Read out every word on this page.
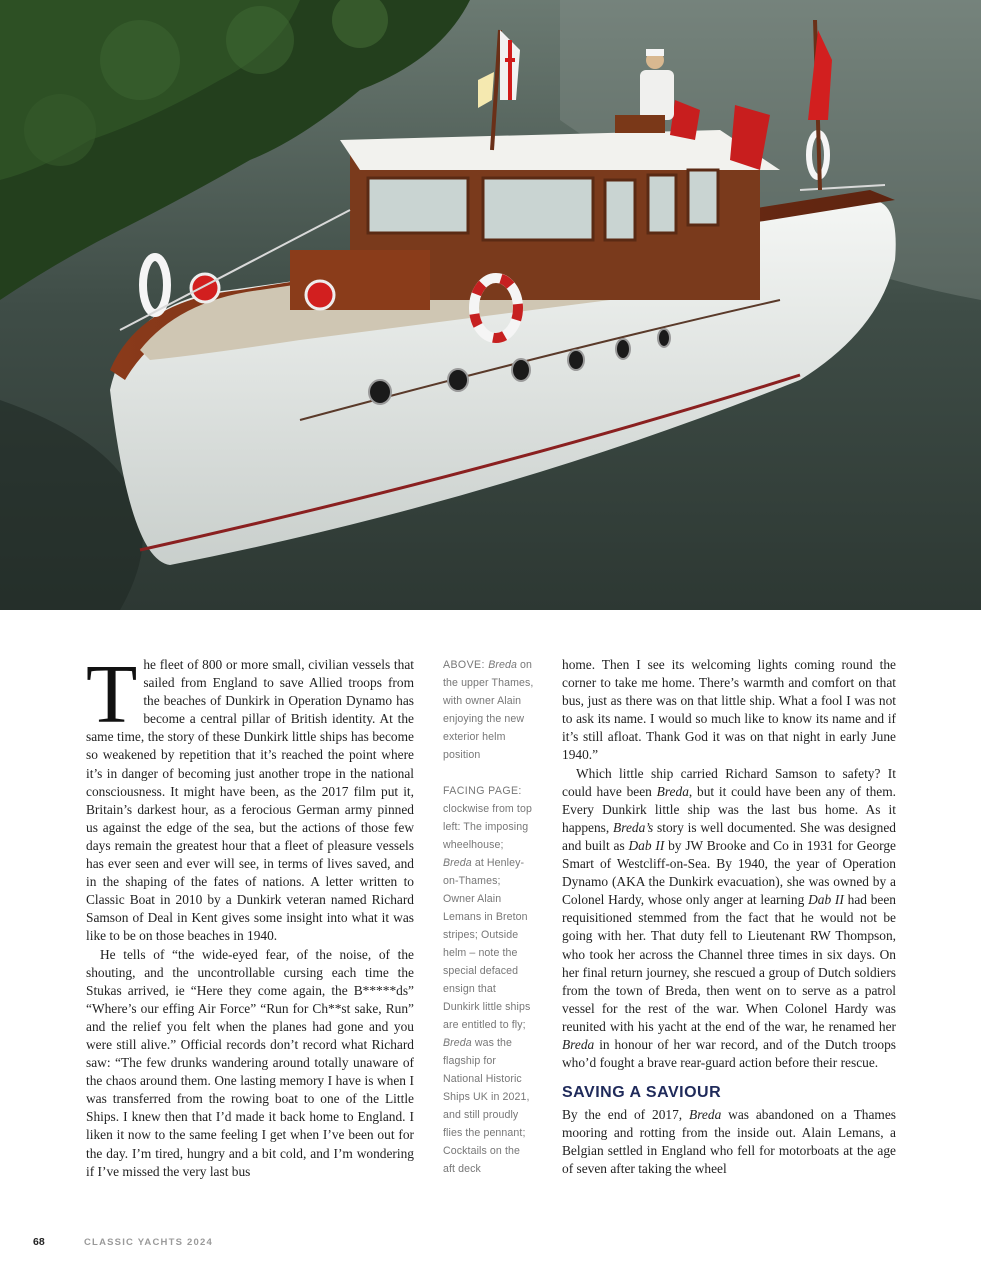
The fleet of 800 or more small, civilian vessels that sailed from England to save Allied troops from the beaches of Dunkirk in Operation Dynamo has become a central pillar of British identity. At the same time, the story of these Dunkirk little ships has become so weakened by repetition that it’s reached the point where it’s in danger of becoming just another trope in the national consciousness. It might have been, as the 2017 film put it, Britain’s darkest hour, as a ferocious German army pinned us against the edge of the sea, but the actions of those few days remain the greatest hour that a fleet of pleasure vessels has ever seen and ever will see, in terms of lives saved, and in the shaping of the fates of nations. A letter written to Classic Boat in 2010 by a Dunkirk veteran named Richard Samson of Deal in Kent gives some insight into what it was like to be on those beaches in 1940.

He tells of “the wide-eyed fear, of the noise, of the shouting, and the uncontrollable cursing each time the Stukas arrived, ie “Here they come again, the B*****ds” “Where’s our effing Air Force” “Run for Ch**st sake, Run” and the relief you felt when the planes had gone and you were still alive.” Official records don’t record what Richard saw: “The few drunks wandering around totally unaware of the chaos around them. One lasting memory I have is when I was transferred from the rowing boat to one of the Little Ships. I knew then that I’d made it back home to England. I liken it now to the same feeling I get when I’ve been out for the day. I’m tired, hungry and a bit cold, and I’m wondering if I’ve missed the very last bus

ABOVE: Breda on the upper Thames, with owner Alain enjoying the new exterior helm position

FACING PAGE: clockwise from top left: The imposing wheelhouse; Breda at Henley-on-Thames; Owner Alain Lemans in Breton stripes; Outside helm – note the special defaced ensign that Dunkirk little ships are entitled to fly; Breda was the flagship for National Historic Ships UK in 2021, and still proudly flies the pennant; Cocktails on the aft deck

home. Then I see its welcoming lights coming round the corner to take me home. There’s warmth and comfort on that bus, just as there was on that little ship. What a fool I was not to ask its name. I would so much like to know its name and if it’s still afloat. Thank God it was on that night in early June 1940.”

Which little ship carried Richard Samson to safety? It could have been Breda, but it could have been any of them. Every Dunkirk little ship was the last bus home. As it happens, Breda’s story is well documented. She was designed and built as Dab II by JW Brooke and Co in 1931 for George Smart of Westcliff-on-Sea. By 1940, the year of Operation Dynamo (AKA the Dunkirk evacuation), she was owned by a Colonel Hardy, whose only anger at learning Dab II had been requisitioned stemmed from the fact that he would not be going with her. That duty fell to Lieutenant RW Thompson, who took her across the Channel three times in six days. On her final return journey, she rescued a group of Dutch soldiers from the town of Breda, then went on to serve as a patrol vessel for the rest of the war. When Colonel Hardy was reunited with his yacht at the end of the war, he renamed her Breda in honour of her war record, and of the Dutch troops who’d fought a brave rear-guard action before their rescue.

SAVING A SAVIOUR

By the end of 2017, Breda was abandoned on a Thames mooring and rotting from the inside out. Alain Lemans, a Belgian settled in England who fell for motorboats at the age of seven after taking the wheel

68	CLASSIC YACHTS 2024
